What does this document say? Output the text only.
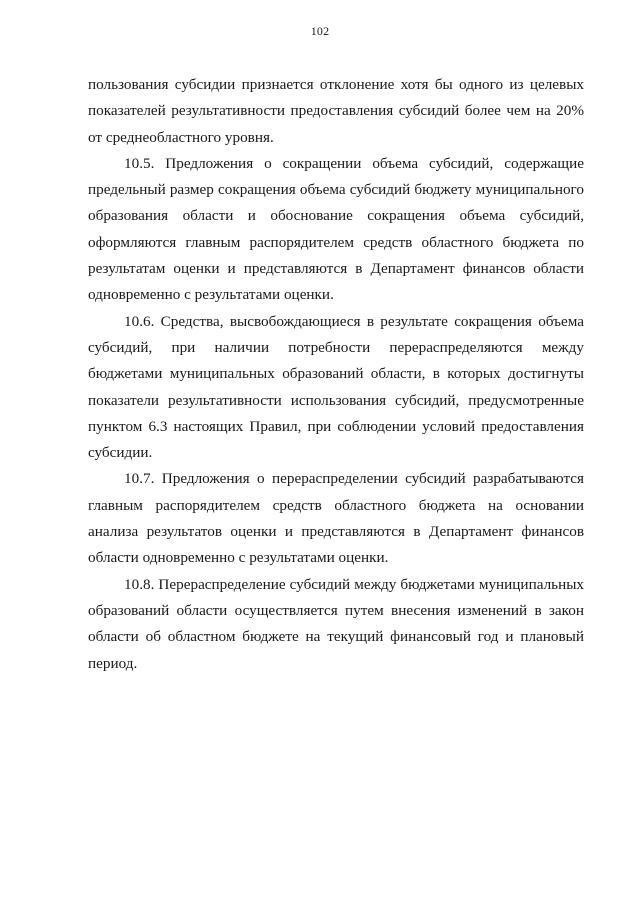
102

пользования субсидии признается отклонение хотя бы одного из целевых показателей результативности предоставления субсидий более чем на 20% от среднеобластного уровня.

10.5. Предложения о сокращении объема субсидий, содержащие предельный размер сокращения объема субсидий бюджету муниципального образования области и обоснование сокращения объема субсидий, оформляются главным распорядителем средств областного бюджета по результатам оценки и представляются в Департамент финансов области одновременно с результатами оценки.

10.6. Средства, высвобождающиеся в результате сокращения объема субсидий, при наличии потребности перераспределяются между бюджетами муниципальных образований области, в которых достигнуты показатели результативности использования субсидий, предусмотренные пунктом 6.3 настоящих Правил, при соблюдении условий предоставления субсидии.

10.7. Предложения о перераспределении субсидий разрабатываются главным распорядителем средств областного бюджета на основании анализа результатов оценки и представляются в Департамент финансов области одновременно с результатами оценки.

10.8. Перераспределение субсидий между бюджетами муниципальных образований области осуществляется путем внесения изменений в закон области об областном бюджете на текущий финансовый год и плановый период.
